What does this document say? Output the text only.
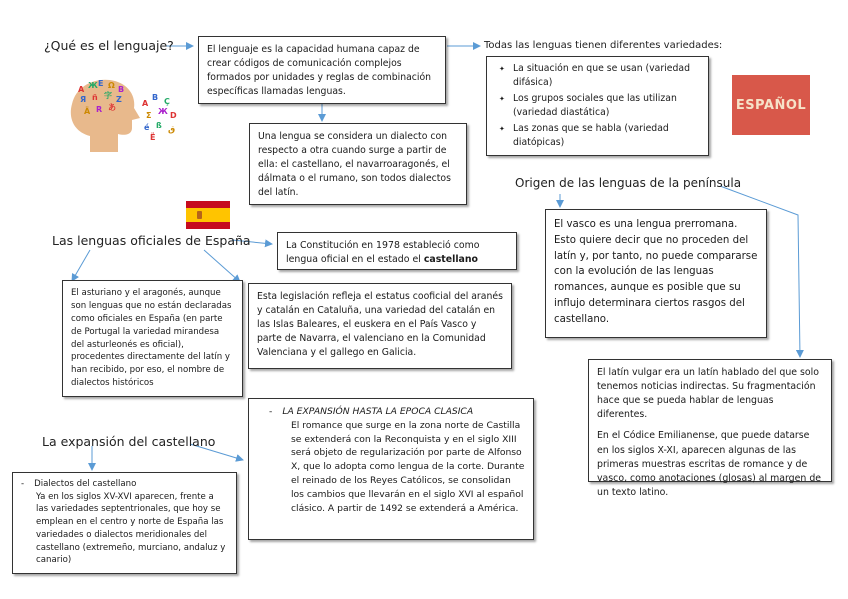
¿Qué es el lenguaje?
A Ж E Ω B
Я ñ 字 Z
Ä R あ	A
B Ç
Σ Ж D
é ß ق
Ё

El lenguaje es la capacidad humana capaz de crear códigos de comunicación complejos formados por unidades y reglas de combinación específicas llamadas lenguas.

Una lengua se considera un dialecto con respecto a otra cuando surge a partir de ella: el castellano, el navarroaragonés, el dálmata o el rumano, son todos dialectos del latín.

Todas las lenguas tienen diferentes variedades:
✦ La situación en que se usan (variedad difásica)
✦ Los grupos sociales que las utilizan (variedad diastática)
✦ Las zonas que se habla (variedad diatópicas)
ESPAÑOL
Origen de las lenguas de la península

El vasco es una lengua prerromana. Esto quiere decir que no proceden del latín y, por tanto, no puede compararse con la evolución de las lenguas romances, aunque es posible que su influjo determinara ciertos rasgos del castellano.

El latín vulgar era un latín hablado del que solo tenemos noticias indirectas. Su fragmentación hace que se pueda hablar de lenguas diferentes.

En el Códice Emilianense, que puede datarse en los siglos X-XI, aparecen algunas de las primeras muestras escritas de romance y de vasco, como anotaciones (glosas) al margen de un texto latino.

Las lenguas oficiales de España	La Constitución en 1978 estableció como lengua oficial en el estado el castellano

Esta legislación refleja el estatus cooficial del aranés y catalán en Cataluña, una variedad del catalán en las Islas Baleares, el euskera en el País Vasco y parte de Navarra, el valenciano en la Comunidad Valenciana y el gallego en Galicia.

El asturiano y el aragonés, aunque son lenguas que no están declaradas como oficiales en España (en parte de Portugal la variedad mirandesa del asturleonés es oficial), procedentes directamente del latín y han recibido, por eso, el nombre de dialectos históricos

La expansión del castellano
- Dialectos del castellano

Ya en los siglos XV-XVI aparecen, frente a las variedades septentrionales, que hoy se emplean en el centro y norte de España las variedades o dialectos meridionales del castellano (extremeño, murciano, andaluz y canario)

- LA EXPANSIÓN HASTA LA EPOCA CLASICA

El romance que surge en la zona norte de Castilla se extenderá con la Reconquista y en el siglo XIII será objeto de regularización por parte de Alfonso X, que lo adopta como lengua de la corte. Durante el reinado de los Reyes Católicos, se consolidan los cambios que llevarán en el siglo XVI al español clásico. A partir de 1492 se extenderá a América.
